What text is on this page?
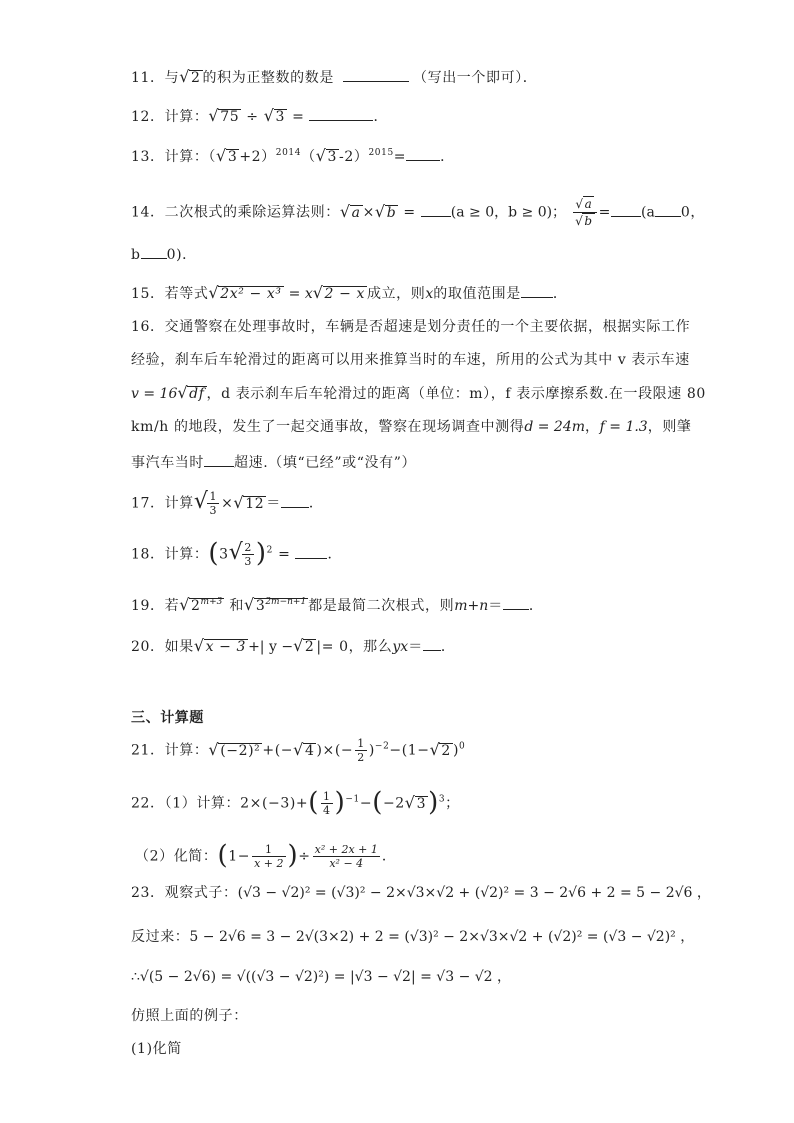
11．与√2 的积为正整数的数是	（写出一个即可）．
12．计算：√75 ÷ √3 =	．
13．计算：$(√3 +2)^{2014}(√3$ -2）$^{2015}$= ．
14．二次根式的乘除运算法则：√a ×√b =	(a ≥ 0，b ≥ 0)； $\frac{√a}{√b} = (a$ 0，
b 0)．
15．若等式√2x² − x³ = x√2 − x 成立，则x的取值范围是 ．
16．交通警察在处理事故时，车辆是否超速是划分责任的一个主要依据，根据实际工作
经验，刹车后车轮滑过的距离可以用来推算当时的车速，所用的公式为其中 v 表示车速
v = 16√df ，d 表示刹车后车轮滑过的距离（单位：m），f 表示摩擦系数.在一段限速 80
km/h 的地段，发生了一起交通事故，警察在现场调查中测得d = 24m，f = 1.3，则肇
事汽车当时 超速.（填“已经”或“没有”）
17．计算√ $\frac{1}{3} \times√12$ ＝ ．
18．计算：$(3√ \frac{2}{3} )^2$ =	．
19．若$√2^{m+3}$ 和$√3^{2m-n+1}$ 都是最简二次根式，则m+n＝ ．
20．如果√x − 3 +| y −√2 |= 0，那么yx＝ ．
三、计算题
21．计算：√(−2)² +(−√4 )×(− $\frac{1}{2} )^{-2}-(1-√2$ )$^0$
22．（1）计算：$2\times(-3)+( \frac{1}{4} )^{-1}-(-2√3)^3$；
（2）化简：($1- \frac{1}{x + 2}$ )÷ $\frac{\text{x² + 2x + 1}}{\text{x² − 4}}$ ．
23．观察式子：(√3 − √2)² = (√3)² − 2×√3×√2 + (√2)² = 3 − 2√6 + 2 = 5 − 2√6 ，
反过来：5 − 2√6 = 3 − 2√(3×2) + 2 = (√3)² − 2×√3×√2 + (√2)² = (√3 − √2)² ，
∴√(5 − 2√6) = √((√3 − √2)²) = |√3 − √2| = √3 − √2 ，
仿照上面的例子：
(1)化简
